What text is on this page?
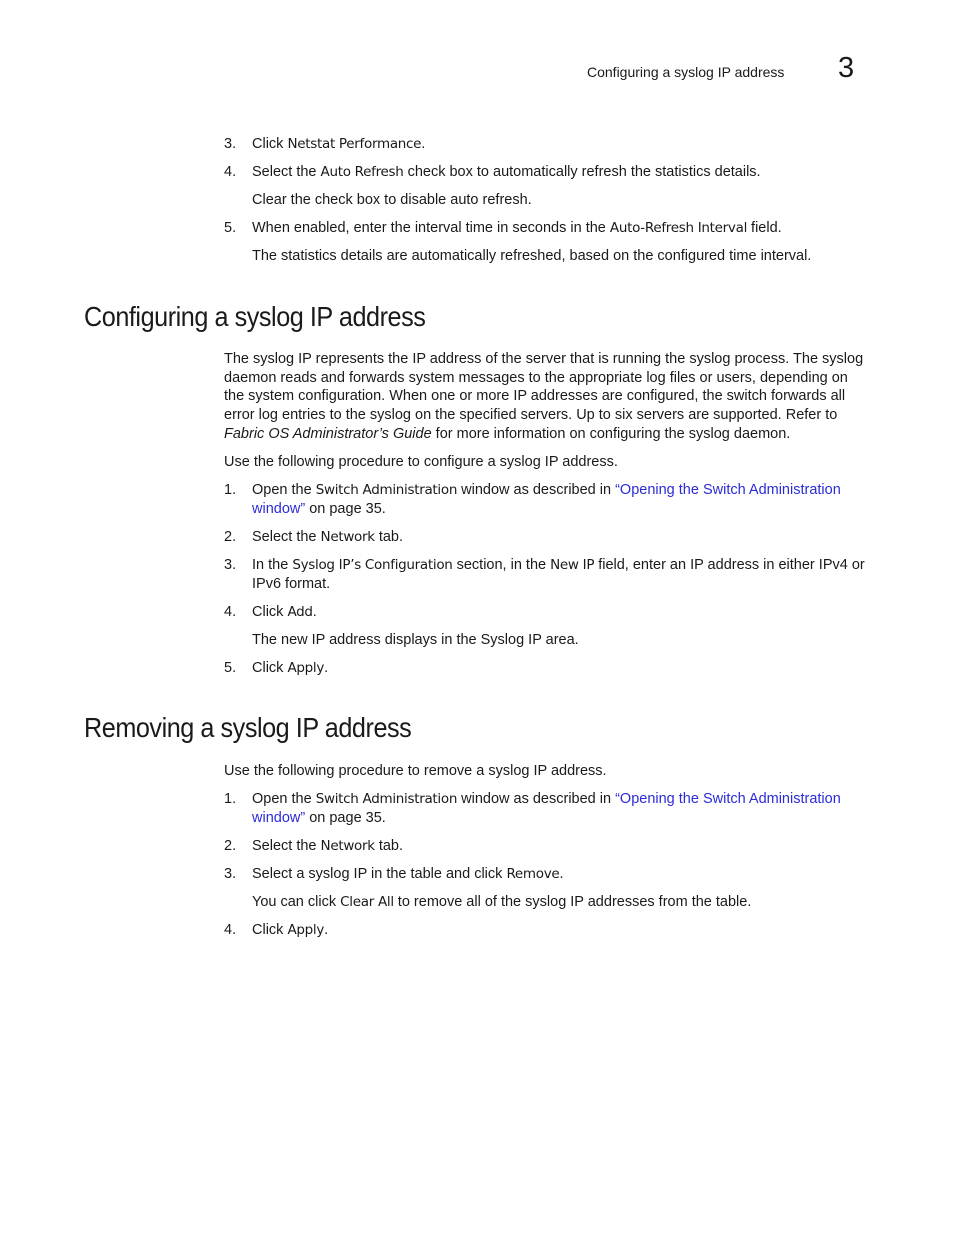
Configuring a syslog IP address 3
3. Click Netstat Performance.
4. Select the Auto Refresh check box to automatically refresh the statistics details.
Clear the check box to disable auto refresh.
5. When enabled, enter the interval time in seconds in the Auto-Refresh Interval field.
The statistics details are automatically refreshed, based on the configured time interval.
Configuring a syslog IP address
The syslog IP represents the IP address of the server that is running the syslog process. The syslog daemon reads and forwards system messages to the appropriate log files or users, depending on the system configuration. When one or more IP addresses are configured, the switch forwards all error log entries to the syslog on the specified servers. Up to six servers are supported. Refer to Fabric OS Administrator’s Guide for more information on configuring the syslog daemon.
Use the following procedure to configure a syslog IP address.
1. Open the Switch Administration window as described in “Opening the Switch Administration window” on page 35.
2. Select the Network tab.
3. In the Syslog IP’s Configuration section, in the New IP field, enter an IP address in either IPv4 or IPv6 format.
4. Click Add.
The new IP address displays in the Syslog IP area.
5. Click Apply.
Removing a syslog IP address
Use the following procedure to remove a syslog IP address.
1. Open the Switch Administration window as described in “Opening the Switch Administration window” on page 35.
2. Select the Network tab.
3. Select a syslog IP in the table and click Remove.
You can click Clear All to remove all of the syslog IP addresses from the table.
4. Click Apply.
